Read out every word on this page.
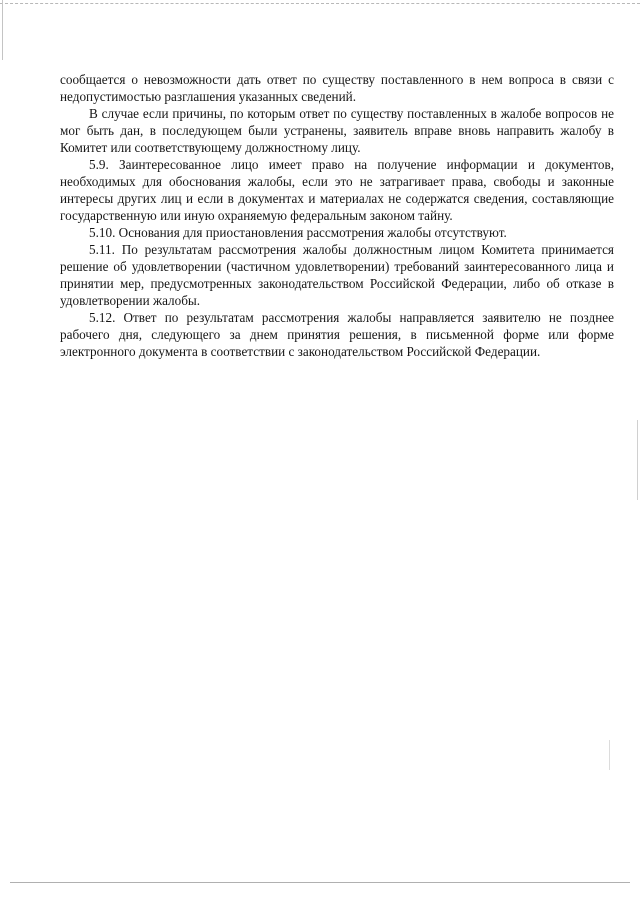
сообщается о невозможности дать ответ по существу поставленного в нем вопроса в связи с недопустимостью разглашения указанных сведений.

В случае если причины, по которым ответ по существу поставленных в жалобе вопросов не мог быть дан, в последующем были устранены, заявитель вправе вновь направить жалобу в Комитет или соответствующему должностному лицу.

5.9. Заинтересованное лицо имеет право на получение информации и документов, необходимых для обоснования жалобы, если это не затрагивает права, свободы и законные интересы других лиц и если в документах и материалах не содержатся сведения, составляющие государственную или иную охраняемую федеральным законом тайну.

5.10. Основания для приостановления рассмотрения жалобы отсутствуют.

5.11. По результатам рассмотрения жалобы должностным лицом Комитета принимается решение об удовлетворении (частичном удовлетворении) требований заинтересованного лица и принятии мер, предусмотренных законодательством Российской Федерации, либо об отказе в удовлетворении жалобы.

5.12. Ответ по результатам рассмотрения жалобы направляется заявителю не позднее рабочего дня, следующего за днем принятия решения, в письменной форме или форме электронного документа в соответствии с законодательством Российской Федерации.
